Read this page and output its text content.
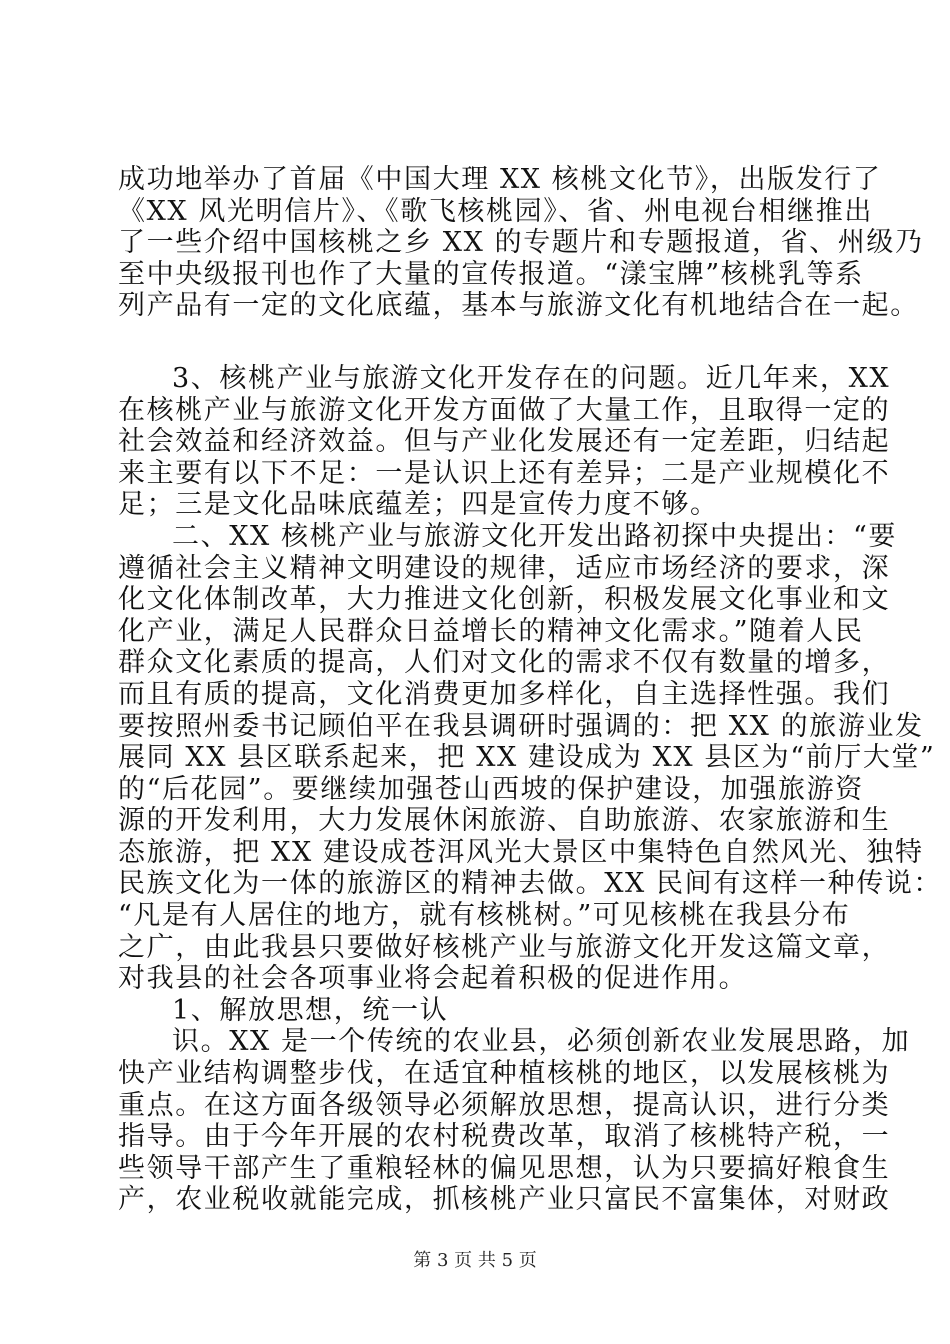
成功地举办了首届《中国大理 XX 核桃文化节》，出版发行了
《XX 风光明信片》、《歌飞核桃园》、省、州电视台相继推出
了一些介绍中国核桃之乡 XX 的专题片和专题报道，省、州级乃
至中央级报刊也作了大量的宣传报道。“漾宝牌”核桃乳等系
列产品有一定的文化底蕴，基本与旅游文化有机地结合在一起。
3、核桃产业与旅游文化开发存在的问题。近几年来，XX
在核桃产业与旅游文化开发方面做了大量工作，且取得一定的
社会效益和经济效益。但与产业化发展还有一定差距，归结起
来主要有以下不足：一是认识上还有差异；二是产业规模化不
足；三是文化品味底蕴差；四是宣传力度不够。
二、XX 核桃产业与旅游文化开发出路初探中央提出：“要
遵循社会主义精神文明建设的规律，适应市场经济的要求，深
化文化体制改革，大力推进文化创新，积极发展文化事业和文
化产业，满足人民群众日益增长的精神文化需求。”随着人民
群众文化素质的提高，人们对文化的需求不仅有数量的增多，
而且有质的提高，文化消费更加多样化，自主选择性强。我们
要按照州委书记顾伯平在我县调研时强调的：把 XX 的旅游业发
展同 XX 县区联系起来，把 XX 建设成为 XX 县区为“前厅大堂”
的“后花园”。要继续加强苍山西坡的保护建设，加强旅游资
源的开发利用，大力发展休闲旅游、自助旅游、农家旅游和生
态旅游，把 XX 建设成苍洱风光大景区中集特色自然风光、独特
民族文化为一体的旅游区的精神去做。XX 民间有这样一种传说：
“凡是有人居住的地方，就有核桃树。”可见核桃在我县分布
之广，由此我县只要做好核桃产业与旅游文化开发这篇文章，
对我县的社会各项事业将会起着积极的促进作用。
1、解放思想，统一认
识。XX 是一个传统的农业县，必须创新农业发展思路，加
快产业结构调整步伐，在适宜种植核桃的地区，以发展核桃为
重点。在这方面各级领导必须解放思想，提高认识，进行分类
指导。由于今年开展的农村税费改革，取消了核桃特产税，一
些领导干部产生了重粮轻林的偏见思想，认为只要搞好粮食生
产，农业税收就能完成，抓核桃产业只富民不富集体，对财政
第 3 页 共 5 页
